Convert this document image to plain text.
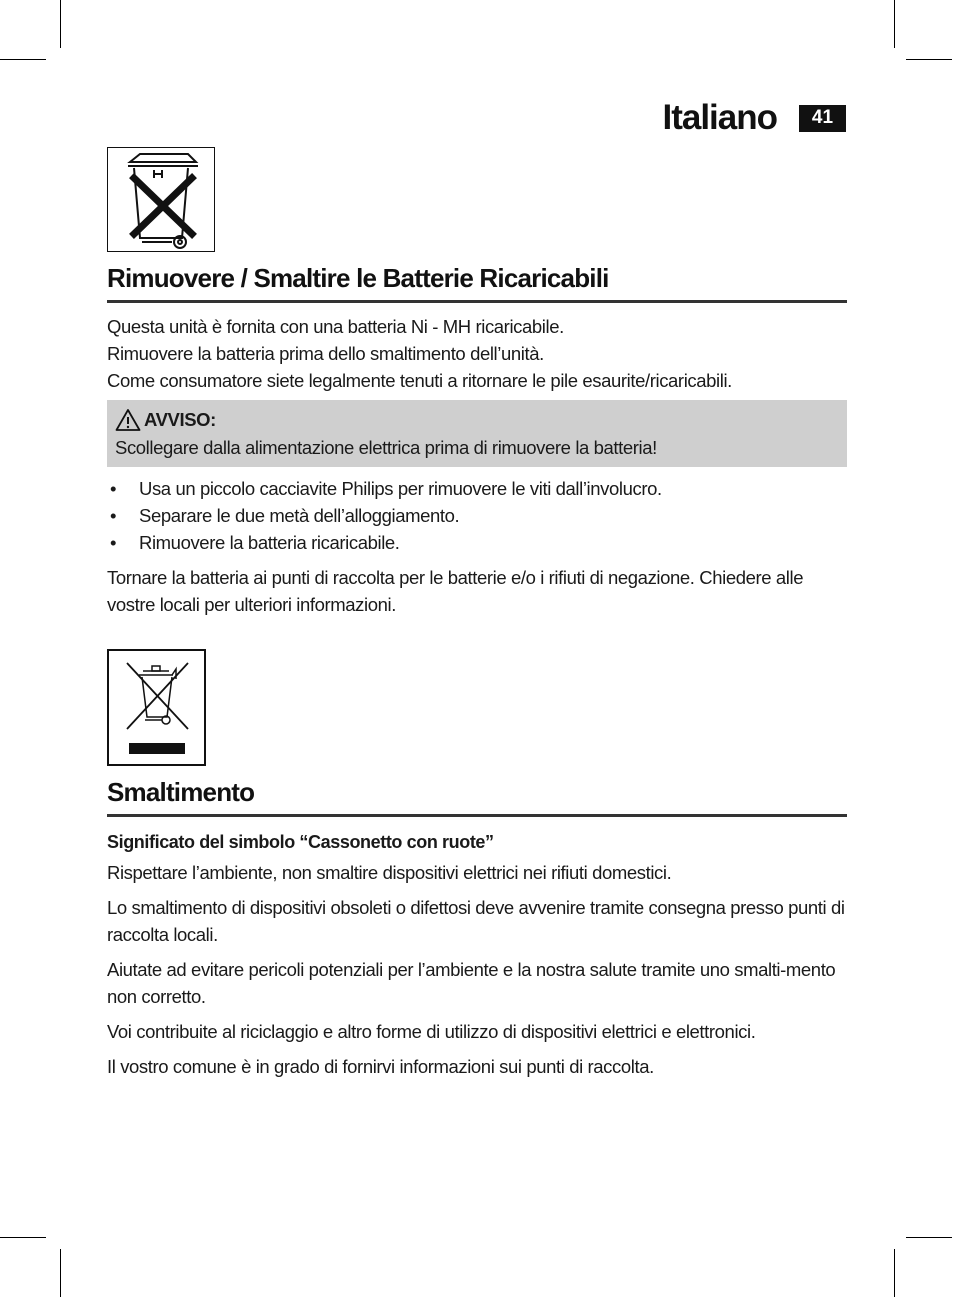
Italiano	41
Rimuovere / Smaltire le Batterie Ricaricabili

Questa unità è fornita con una batteria Ni - MH ricaricabile.

Rimuovere la batteria prima dello smaltimento dell’unità.

Come consumatore siete legalmente tenuti a ritornare le pile esaurite/ricaricabili.

AVVISO:

Scollegare dalla alimentazione elettrica prima di rimuovere la batteria!

• Usa un piccolo cacciavite Philips per rimuovere le viti dall’involucro.
• Separare le due metà dell’alloggiamento.
• Rimuovere la batteria ricaricabile.

Tornare la batteria ai punti di raccolta per le batterie e/o i rifiuti di negazione. Chiedere alle vostre locali per ulteriori informazioni.

Smaltimento
Significato del simbolo “Cassonetto con ruote”

Rispettare l’ambiente, non smaltire dispositivi elettrici nei rifiuti domestici.

Lo smaltimento di dispositivi obsoleti o difettosi deve avvenire tramite consegna presso punti di raccolta locali.

Aiutate ad evitare pericoli potenziali per l’ambiente e la nostra salute tramite uno smalti-mento non corretto.

Voi contribuite al riciclaggio e altro forme di utilizzo di dispositivi elettrici e elettronici.

Il vostro comune è in grado di fornirvi informazioni sui punti di raccolta.
